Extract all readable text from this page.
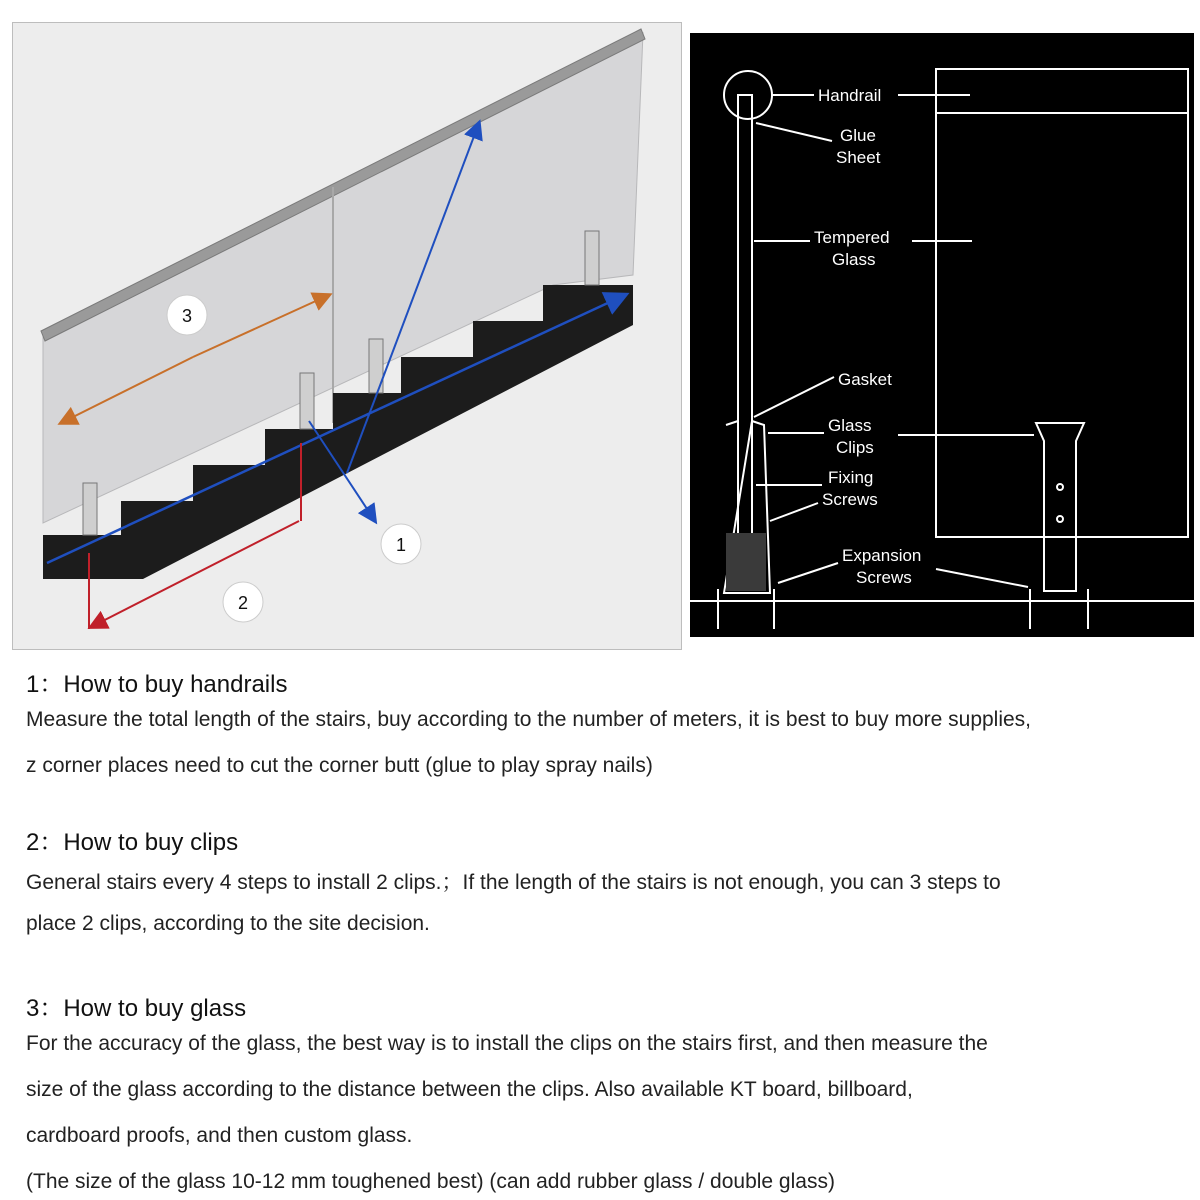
1
2
3
Handrail
Glue
Sheet
Tempered
Glass
Gasket
Glass
Clips
Fixing
Screws
Expansion
Screws
1：How to buy handrails
Measure the total length of the stairs, buy according to the number of meters, it is best to buy more supplies,
z corner places need to cut the corner butt (glue to play spray nails)
2：How to buy clips
General stairs every 4 steps to install 2 clips.；If the length of the stairs is not enough, you can 3 steps to
place 2 clips, according to the site decision.
3：How to buy glass
For the accuracy of the glass, the best way is to install the clips on the stairs first, and then measure the
size of the glass according to the distance between the clips. Also available KT board, billboard,
cardboard proofs, and then custom glass.
(The size of the glass 10-12 mm toughened best) (can add rubber glass / double glass)
